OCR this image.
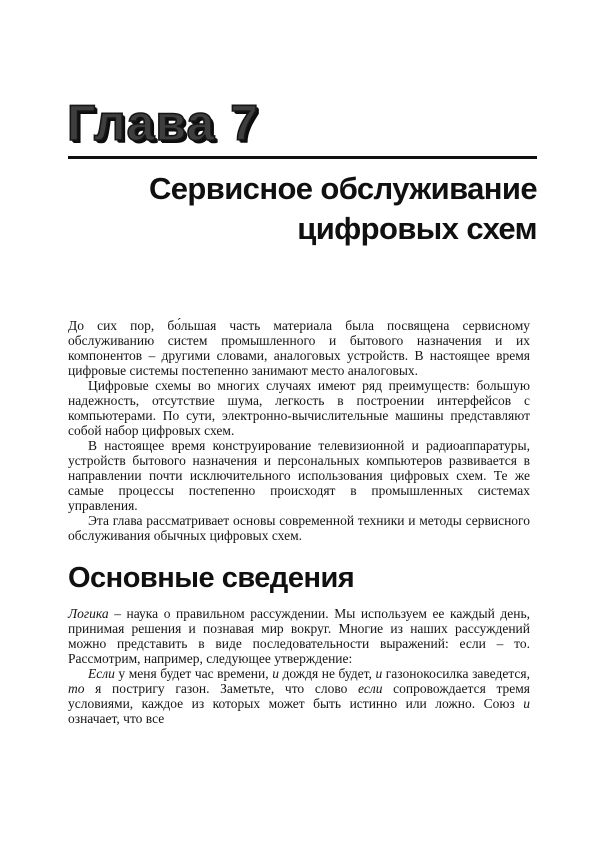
Глава 7
Сервисное обслуживание
цифровых схем

До сих пор, бо́льшая часть материала была посвящена сервисному обслуживанию систем промышленного и бытового назначения и их компонентов – другими словами, аналоговых устройств. В настоящее время цифровые системы постепенно занимают место аналоговых.

Цифровые схемы во многих случаях имеют ряд преимуществ: большую надежность, отсутствие шума, легкость в построении интерфейсов с компьютерами. По сути, электронно-вычислительные машины представляют собой набор цифровых схем.

В настоящее время конструирование телевизионной и радиоаппаратуры, устройств бытового назначения и персональных компьютеров развивается в направлении почти исключительного использования цифровых схем. Те же самые процессы постепенно происходят в промышленных системах управления.

Эта глава рассматривает основы современной техники и методы сервисного обслуживания обычных цифровых схем.

Основные сведения

Логика – наука о правильном рассуждении. Мы используем ее каждый день, принимая решения и познавая мир вокруг. Многие из наших рассуждений можно представить в виде последовательности выражений: если – то. Рассмотрим, например, следующее утверждение:

Если у меня будет час времени, и дождя не будет, и газонокосилка заведется, то я постригу газон. Заметьте, что слово если сопровождается тремя условиями, каждое из которых может быть истинно или ложно. Союз и означает, что все
